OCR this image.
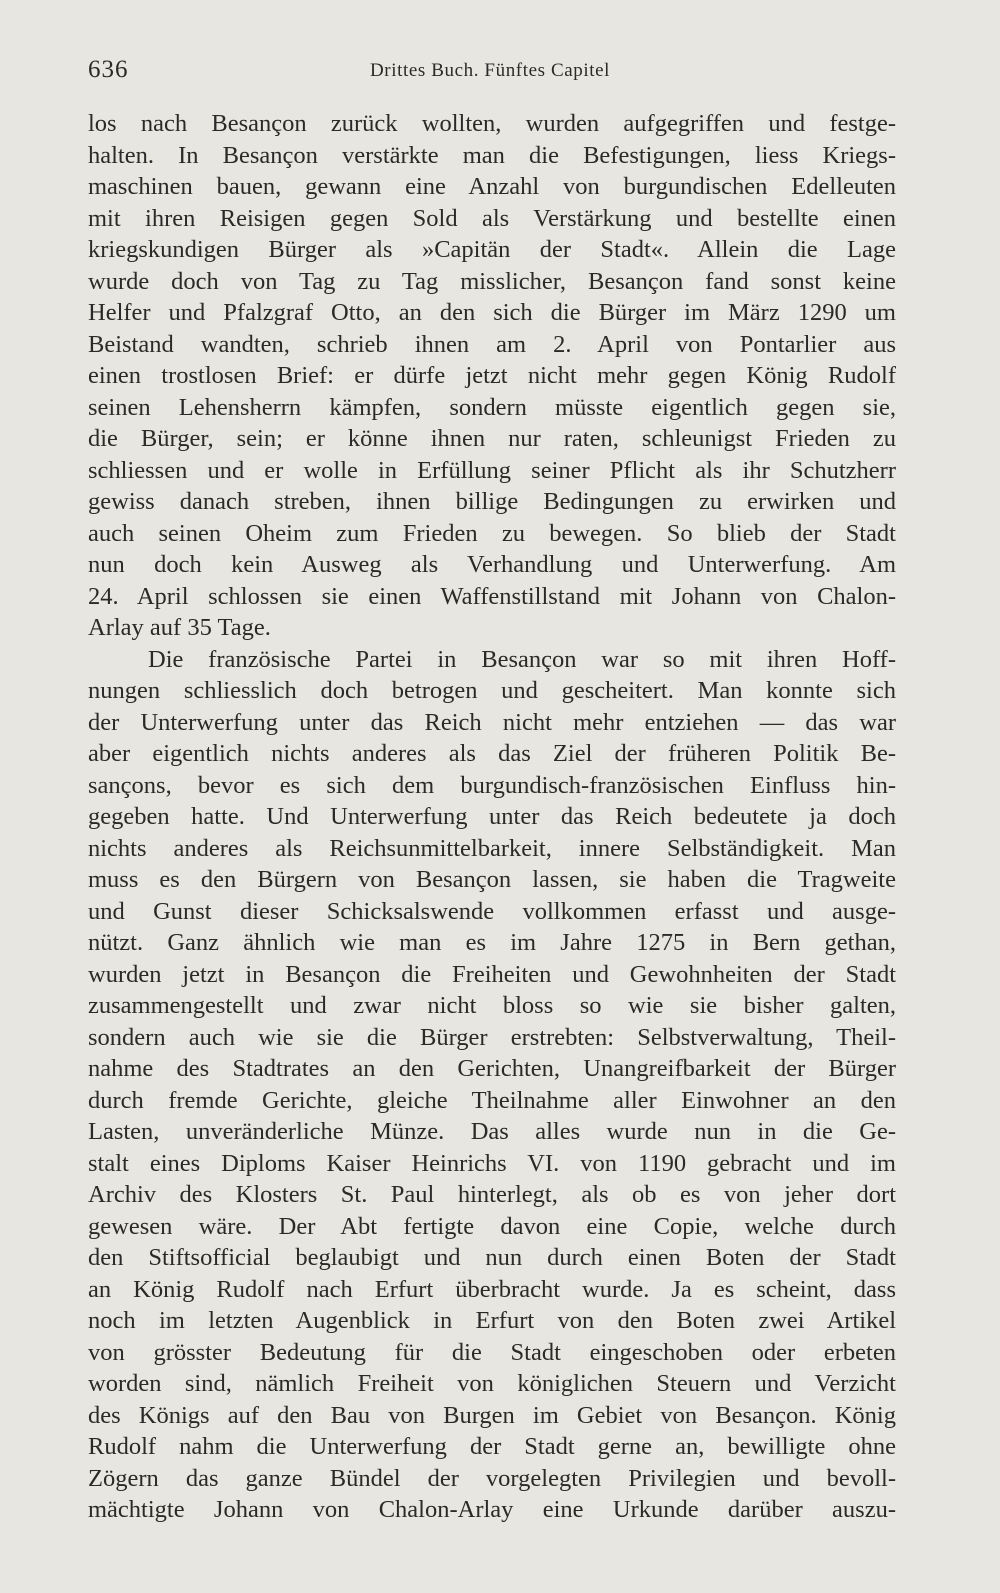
636	Drittes Buch. Fünftes Capitel
los nach Besançon zurück wollten, wurden aufgegriffen und festge-
halten. In Besançon verstärkte man die Befestigungen, liess Kriegs-
maschinen bauen, gewann eine Anzahl von burgundischen Edelleuten
mit ihren Reisigen gegen Sold als Verstärkung und bestellte einen
kriegskundigen Bürger als »Capitän der Stadt«. Allein die Lage
wurde doch von Tag zu Tag misslicher, Besançon fand sonst keine
Helfer und Pfalzgraf Otto, an den sich die Bürger im März 1290 um
Beistand wandten, schrieb ihnen am 2. April von Pontarlier aus
einen trostlosen Brief: er dürfe jetzt nicht mehr gegen König Rudolf
seinen Lehensherrn kämpfen, sondern müsste eigentlich gegen sie,
die Bürger, sein; er könne ihnen nur raten, schleunigst Frieden zu
schliessen und er wolle in Erfüllung seiner Pflicht als ihr Schutzherr
gewiss danach streben, ihnen billige Bedingungen zu erwirken und
auch seinen Oheim zum Frieden zu bewegen. So blieb der Stadt
nun doch kein Ausweg als Verhandlung und Unterwerfung. Am
24. April schlossen sie einen Waffenstillstand mit Johann von Chalon-
Arlay auf 35 Tage.
Die französische Partei in Besançon war so mit ihren Hoff-
nungen schliesslich doch betrogen und gescheitert. Man konnte sich
der Unterwerfung unter das Reich nicht mehr entziehen — das war
aber eigentlich nichts anderes als das Ziel der früheren Politik Be-
sançons, bevor es sich dem burgundisch-französischen Einfluss hin-
gegeben hatte. Und Unterwerfung unter das Reich bedeutete ja doch
nichts anderes als Reichsunmittelbarkeit, innere Selbständigkeit. Man
muss es den Bürgern von Besançon lassen, sie haben die Tragweite
und Gunst dieser Schicksalswende vollkommen erfasst und ausge-
nützt. Ganz ähnlich wie man es im Jahre 1275 in Bern gethan,
wurden jetzt in Besançon die Freiheiten und Gewohnheiten der Stadt
zusammengestellt und zwar nicht bloss so wie sie bisher galten,
sondern auch wie sie die Bürger erstrebten: Selbstverwaltung, Theil-
nahme des Stadtrates an den Gerichten, Unangreifbarkeit der Bürger
durch fremde Gerichte, gleiche Theilnahme aller Einwohner an den
Lasten, unveränderliche Münze. Das alles wurde nun in die Ge-
stalt eines Diploms Kaiser Heinrichs VI. von 1190 gebracht und im
Archiv des Klosters St. Paul hinterlegt, als ob es von jeher dort
gewesen wäre. Der Abt fertigte davon eine Copie, welche durch
den Stiftsofficial beglaubigt und nun durch einen Boten der Stadt
an König Rudolf nach Erfurt überbracht wurde. Ja es scheint, dass
noch im letzten Augenblick in Erfurt von den Boten zwei Artikel
von grösster Bedeutung für die Stadt eingeschoben oder erbeten
worden sind, nämlich Freiheit von königlichen Steuern und Verzicht
des Königs auf den Bau von Burgen im Gebiet von Besançon. König
Rudolf nahm die Unterwerfung der Stadt gerne an, bewilligte ohne
Zögern das ganze Bündel der vorgelegten Privilegien und bevoll-
mächtigte Johann von Chalon-Arlay eine Urkunde darüber auszu-
